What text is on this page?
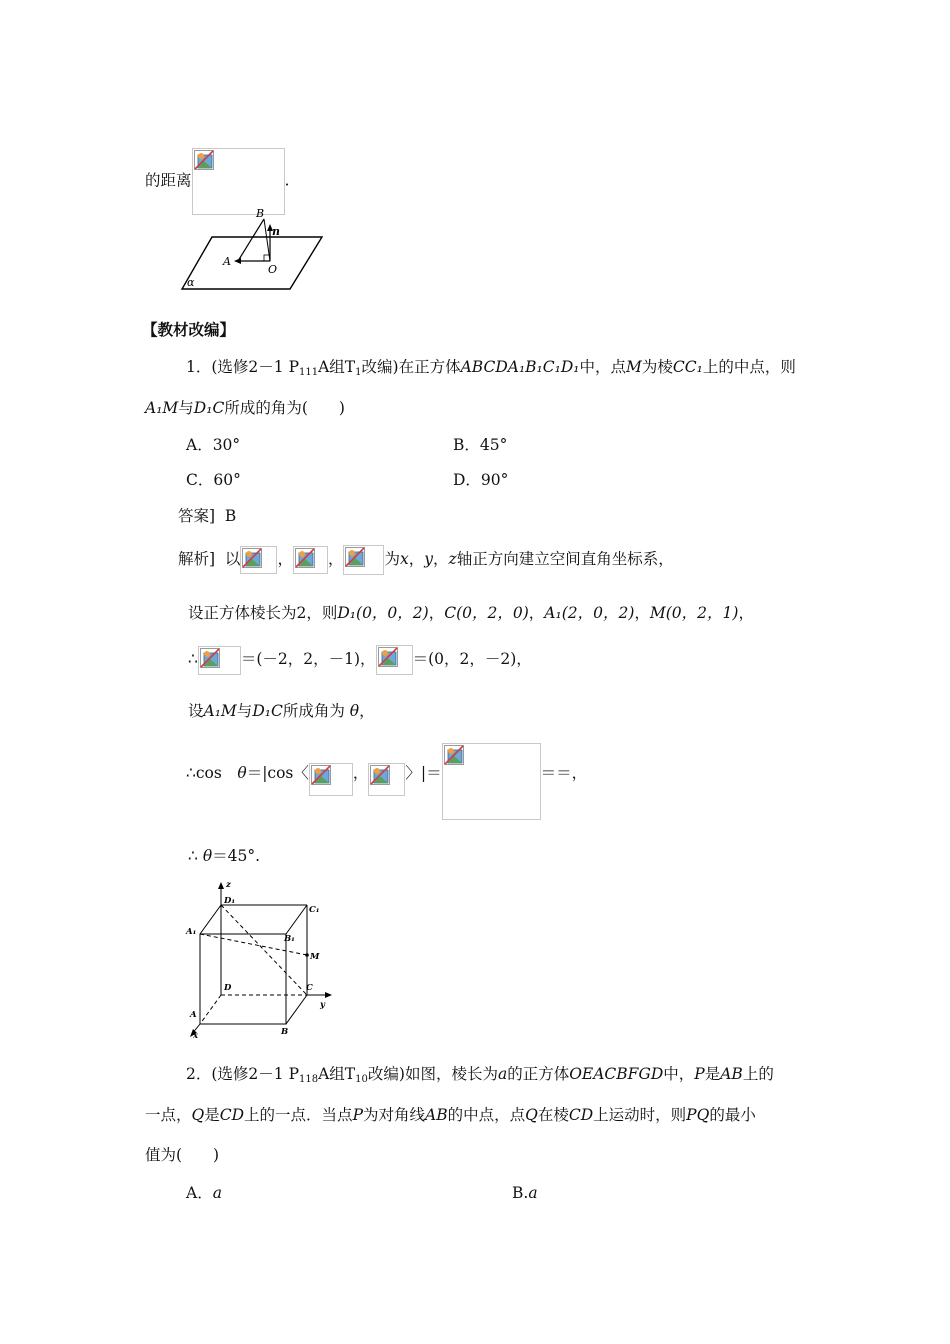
的距离	.
B
n
A
O
α
【教材改编】
1．(选修2－1 $P_{111}A$组$T_1$改编)在正方体ABCDA₁B₁C₁D₁中，点M为棱CC₁上的中点，则
A₁M与D₁C所成的角为(　　)
A．30°	B．45°
C．60°	D．90°
答案] B
解析] 以 ， ，	为x，y，z轴正方向建立空间直角坐标系，
设正方体棱长为2，则D₁(0，0，2)，C(0，2，0)，A₁(2，0，2)，M(0，2，1)，
∴	＝(－2，2，－1)， ＝(0，2，－2)，
设A₁M与D₁C所成角为 θ，
∴cos　θ＝|cos〈	， 〉|＝	＝＝，
∴ θ＝45°.
z
D₁
C₁
A₁
B₁
M
D	C
y
A
B
x
2．(选修2－1 $P_{118}A$组$T_{10}$改编)如图，棱长为a的正方体OEACBFGD中，P是AB上的
一点，Q是CD上的一点．当点P为对角线AB的中点，点Q在棱CD上运动时，则PQ的最小
值为(　　)
A．a	B.a
